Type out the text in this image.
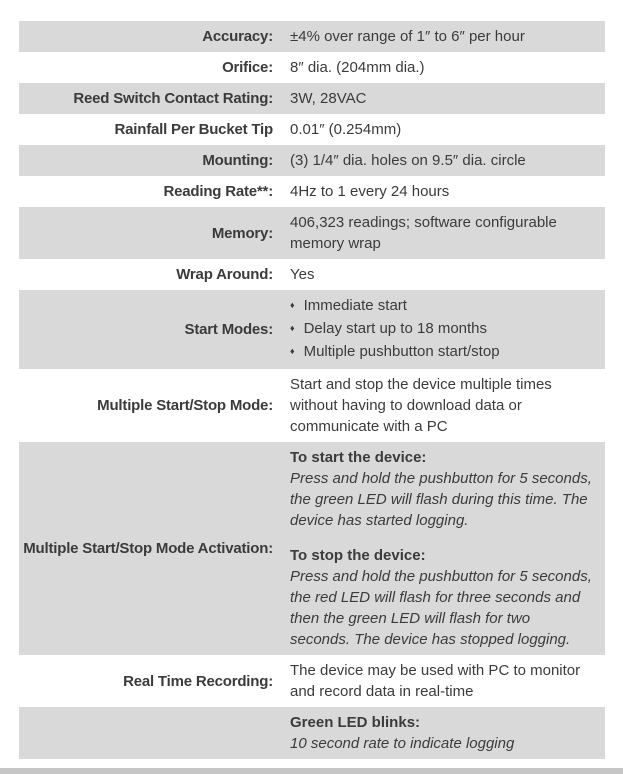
Accuracy: ±4% over range of 1″ to 6″ per hour
Orifice: 8″ dia. (204mm dia.)
Reed Switch Contact Rating: 3W, 28VAC
Rainfall Per Bucket Tip 0.01″ (0.254mm)
Mounting: (3) 1/4″ dia. holes on 9.5″ dia. circle
Reading Rate**: 4Hz to 1 every 24 hours
Memory:
406,323 readings; software configurable memory wrap
Wrap Around: Yes
Start Modes:
♦ Immediate start
♦ Delay start up to 18 months
♦ Multiple pushbutton start/stop
Multiple Start/Stop Mode:
Start and stop the device multiple times without having to download data or communicate with a PC
Multiple Start/Stop Mode Activation:
To start the device:
Press and hold the pushbutton for 5 seconds, the green LED will flash during this time. The device has started logging.
To stop the device:
Press and hold the pushbutton for 5 seconds, the red LED will flash for three seconds and then the green LED will flash for two seconds. The device has stopped logging.
Real Time Recording:
The device may be used with PC to monitor and record data in real-time
Green LED blinks:
10 second rate to indicate logging
